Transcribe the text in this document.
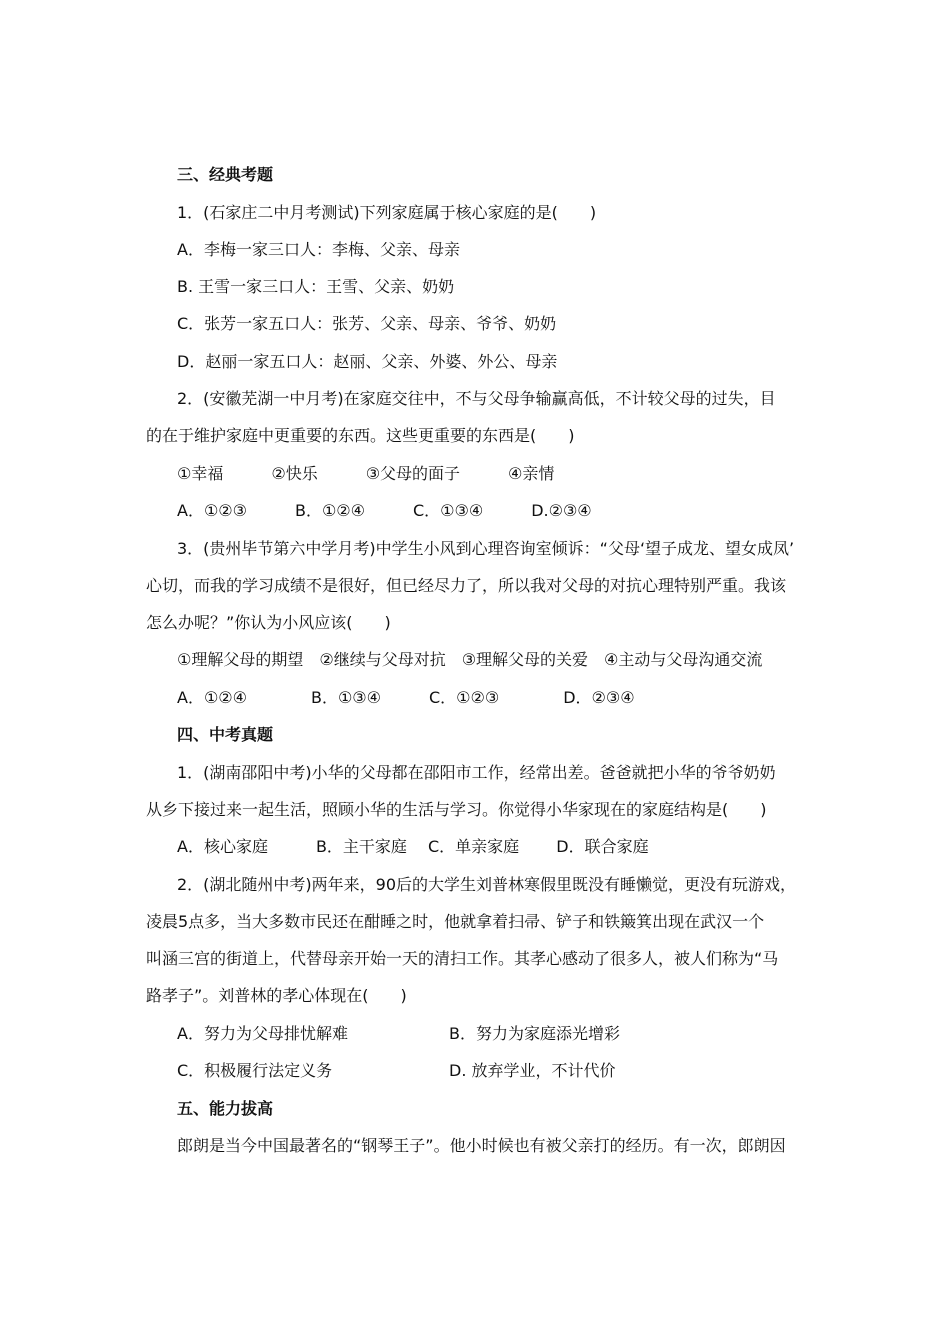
三、经典考题
1．(石家庄二中月考测试)下列家庭属于核心家庭的是(　　)
A．李梅一家三口人：李梅、父亲、母亲
B. 王雪一家三口人：王雪、父亲、奶奶
C．张芳一家五口人：张芳、父亲、母亲、爷爷、奶奶
D．赵丽一家五口人：赵丽、父亲、外婆、外公、母亲
2．(安徽芜湖一中月考)在家庭交往中，不与父母争输赢高低，不计较父母的过失，目
的在于维护家庭中更重要的东西。这些更重要的东西是(　　)
①幸福　　　②快乐　　　③父母的面子　　　④亲情
A．①②③　　　B．①②④　　　C．①③④　　　D.②③④
3．(贵州毕节第六中学月考)中学生小风到心理咨询室倾诉：“父母‘望子成龙、望女成凤’
心切，而我的学习成绩不是很好，但已经尽力了，所以我对父母的对抗心理特别严重。我该
怎么办呢？”你认为小风应该(　　)
①理解父母的期望　②继续与父母对抗　③理解父母的关爱　④主动与父母沟通交流
A．①②④　　　　B．①③④　　　C．①②③　　　　D．②③④
四、中考真题
1．(湖南邵阳中考)小华的父母都在邵阳市工作，经常出差。爸爸就把小华的爷爷奶奶
从乡下接过来一起生活，照顾小华的生活与学习。你觉得小华家现在的家庭结构是(　　)
A．核心家庭　　　B．主干家庭　 C．单亲家庭　　 D．联合家庭
2．(湖北随州中考)两年来，90后的大学生刘普林寒假里既没有睡懒觉，更没有玩游戏，
凌晨5点多，当大多数市民还在酣睡之时，他就拿着扫帚、铲子和铁簸箕出现在武汉一个
叫涵三宫的街道上，代替母亲开始一天的清扫工作。其孝心感动了很多人，被人们称为“马
路孝子”。刘普林的孝心体现在(　　)
A．努力为父母排忧解难	B．努力为家庭添光增彩
C．积极履行法定义务	D. 放弃学业，不计代价
五、能力拔高
郎朗是当今中国最著名的“钢琴王子”。他小时候也有被父亲打的经历。有一次，郎朗因
